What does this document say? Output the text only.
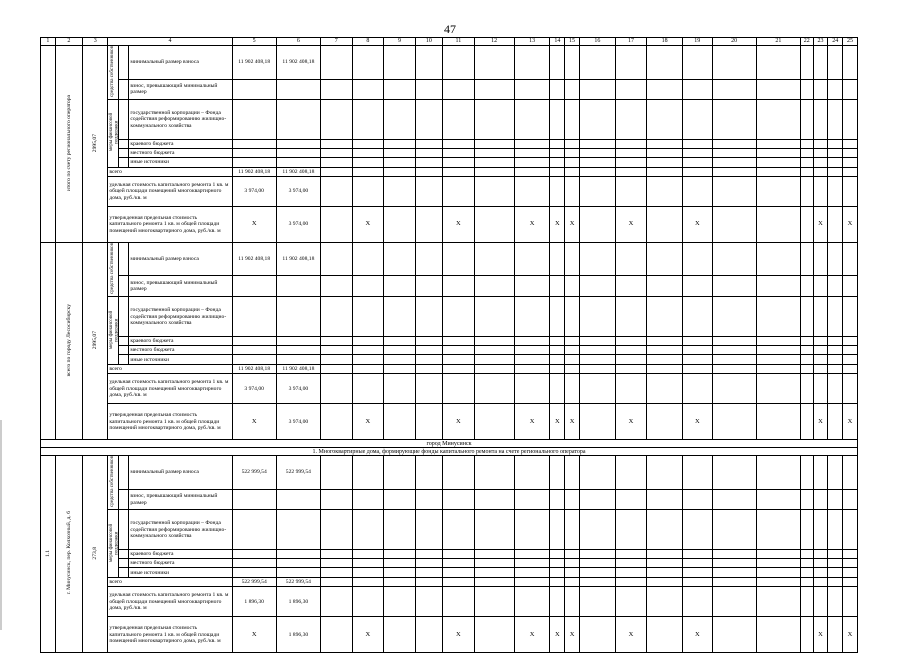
47
1	2	3	4			5	6	7	8	9	10	11	12	13	14	15	16	17	18	19	20	21	22	23	24	25
	итого по счету регионального оператора	2995,07	средства собственников		минимальный размер взноса	11 902 408,18	11 902 408,18																			
					взнос, превышающий минимальный размер																					
			меры финансовой поддержки		государственной корпорации – Фонда содействия реформированию жилищно-коммунального хозяйства																					
					краевого бюджета																					
					местного бюджета																					
					иные источники																					
			всего			11 902 408,18	11 902 408,18																			
			удельная стоимость капитального ремонта 1 кв. м общей площади помещений многоквартирного дома, руб./кв. м			3 974,00	3 974,00																			
			утвержденная предельная стоимость капитального ремонта 1 кв. м общей площади помещений многоквартирного дома, руб./кв. м			X	3 974,00		X			X		X	X	X		X		X				X		X
	всего по городу Лесосибирску	2995,07	средства собственников		минимальный размер взноса	11 902 408,18	11 902 408,18																			
					взнос, превышающий минимальный размер																					
			меры финансовой поддержки		государственной корпорации – Фонда содействия реформированию жилищно-коммунального хозяйства																					
					краевого бюджета																					
					местного бюджета																					
					иные источники																					
			всего			11 902 408,18	11 902 408,18																			
			удельная стоимость капитального ремонта 1 кв. м общей площади помещений многоквартирного дома, руб./кв. м			3 974,00	3 974,00																			
			утвержденная предельная стоимость капитального ремонта 1 кв. м общей площади помещений многоквартирного дома, руб./кв. м			X	3 974,00		X			X		X	X	X		X		X				X		X
город Минусинск																										
1. Многоквартирные дома, формирующие фонды капитального ремонта на счете регионального оператора																										
1.1	г. Минусинск, пер. Колхозный, д. 6	273,8	средства собственников		минимальный размер взноса	522 999,54	522 999,54																			
					взнос, превышающий минимальный размер																					
			меры финансовой поддержки		государственной корпорации – Фонда содействия реформированию жилищно-коммунального хозяйства																					
					краевого бюджета																					
					местного бюджета																					
					иные источники																					
			всего			522 999,54	522 999,54																			
			удельная стоимость капитального ремонта 1 кв. м общей площади помещений многоквартирного дома, руб./кв. м			1 896,30	1 896,30																			
			утвержденная предельная стоимость капитального ремонта 1 кв. м общей площади помещений многоквартирного дома, руб./кв. м			X	1 896,30		X			X		X	X	X		X		X				X		X
